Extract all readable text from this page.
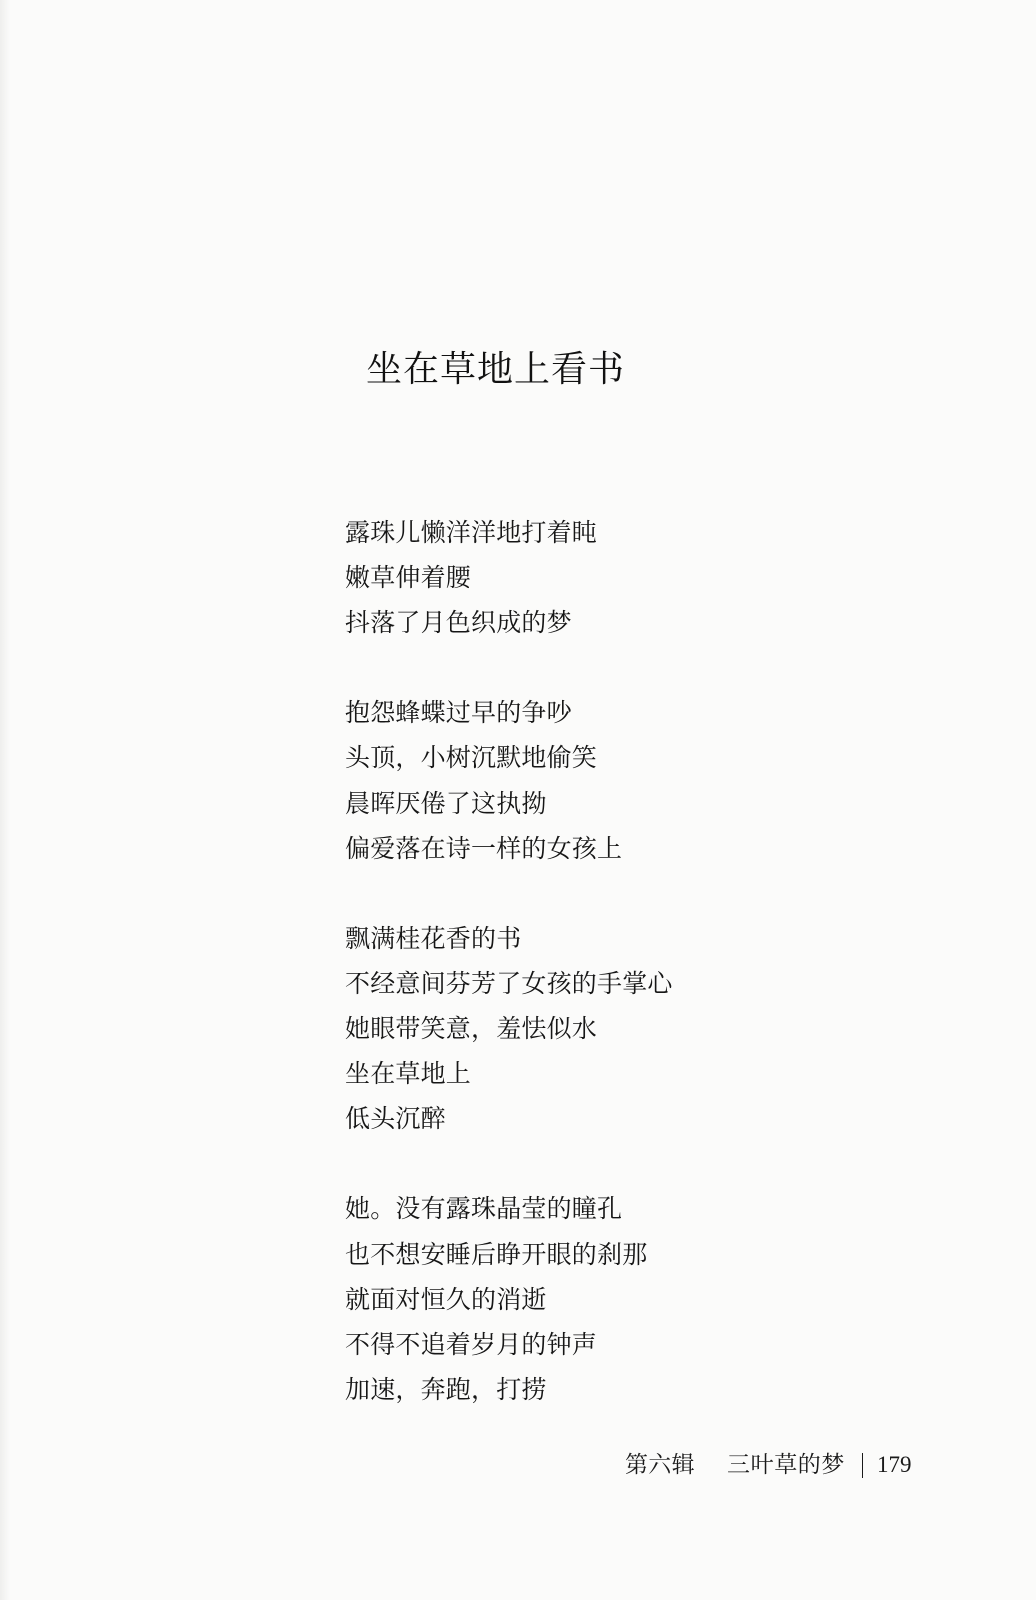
坐在草地上看书
露珠儿懒洋洋地打着盹
嫩草伸着腰
抖落了月色织成的梦
抱怨蜂蝶过早的争吵
头顶，小树沉默地偷笑
晨晖厌倦了这执拗
偏爱落在诗一样的女孩上
飘满桂花香的书
不经意间芬芳了女孩的手掌心
她眼带笑意，羞怯似水
坐在草地上
低头沉醉
她。没有露珠晶莹的瞳孔
也不想安睡后睁开眼的刹那
就面对恒久的消逝
不得不追着岁月的钟声
加速，奔跑，打捞
第六辑 三叶草的梦 179
